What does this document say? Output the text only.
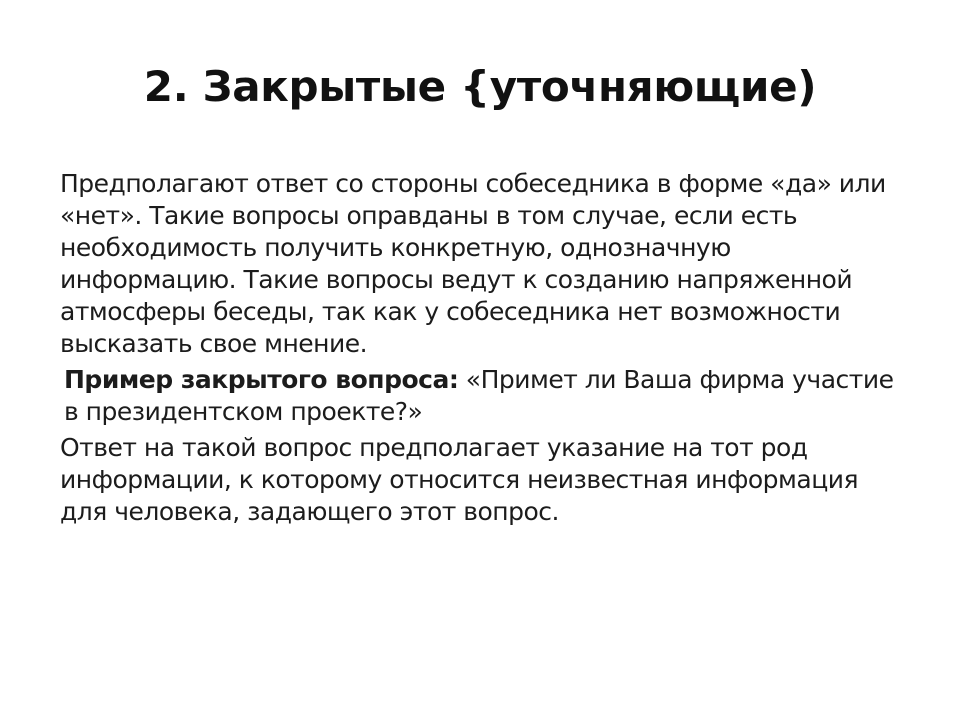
2. Закрытые {уточняющие)

Предполагают ответ со стороны собеседника в форме «да» или «нет». Такие вопросы оправданы в том случае, если есть необходимость получить конкретную, однозначную информацию. Такие вопросы ведут к созданию напряженной атмосферы беседы, так как у собеседника нет возможности высказать свое мнение.

Пример закрытого вопроса: «Примет ли Ваша фирма участие в президентском проекте?»

Ответ на такой вопрос предполагает указание на тот род информации, к которому относится неизвестная информация для человека, задающего этот вопрос.
